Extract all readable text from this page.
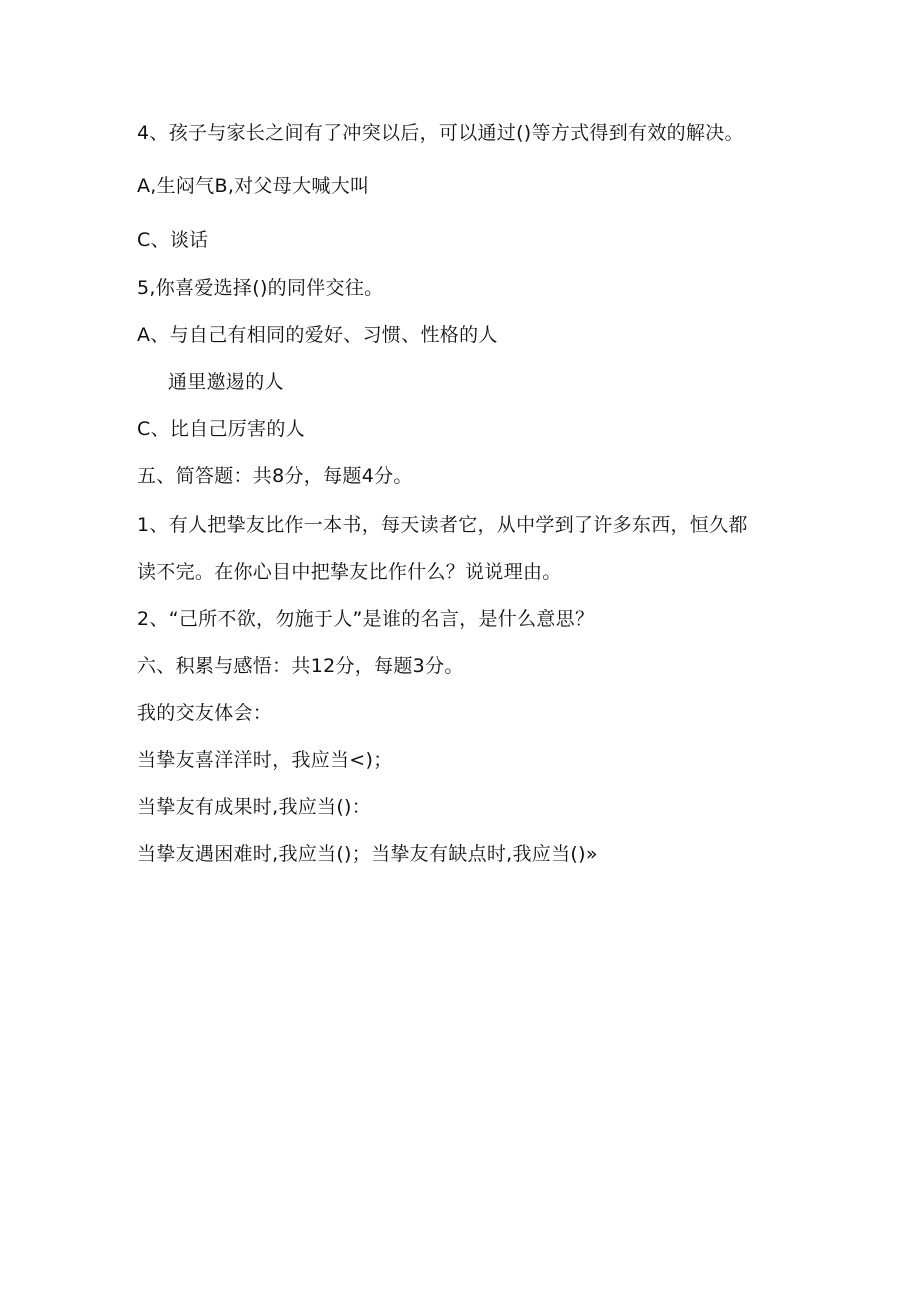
4、孩子与家长之间有了冲突以后，可以通过()等方式得到有效的解决。
A,生闷气B,对父母大喊大叫
C、谈话
5,你喜爱选择()的同伴交往。
A、与自己有相同的爱好、习惯、性格的人
通里邀逷的人
C、比自己厉害的人
五、简答题：共8分，每题4分。
1、有人把挚友比作一本书，每天读者它，从中学到了许多东西，恒久都
读不完。在你心目中把挚友比作什么？说说理由。
2、“己所不欲，勿施于人”是谁的名言，是什么意思？
六、积累与感悟：共12分，每题3分。
我的交友体会：
当挚友喜洋洋时，我应当<)；
当挚友有成果时,我应当()：
当挚友遇困难时,我应当()；当挚友有缺点时,我应当()»
